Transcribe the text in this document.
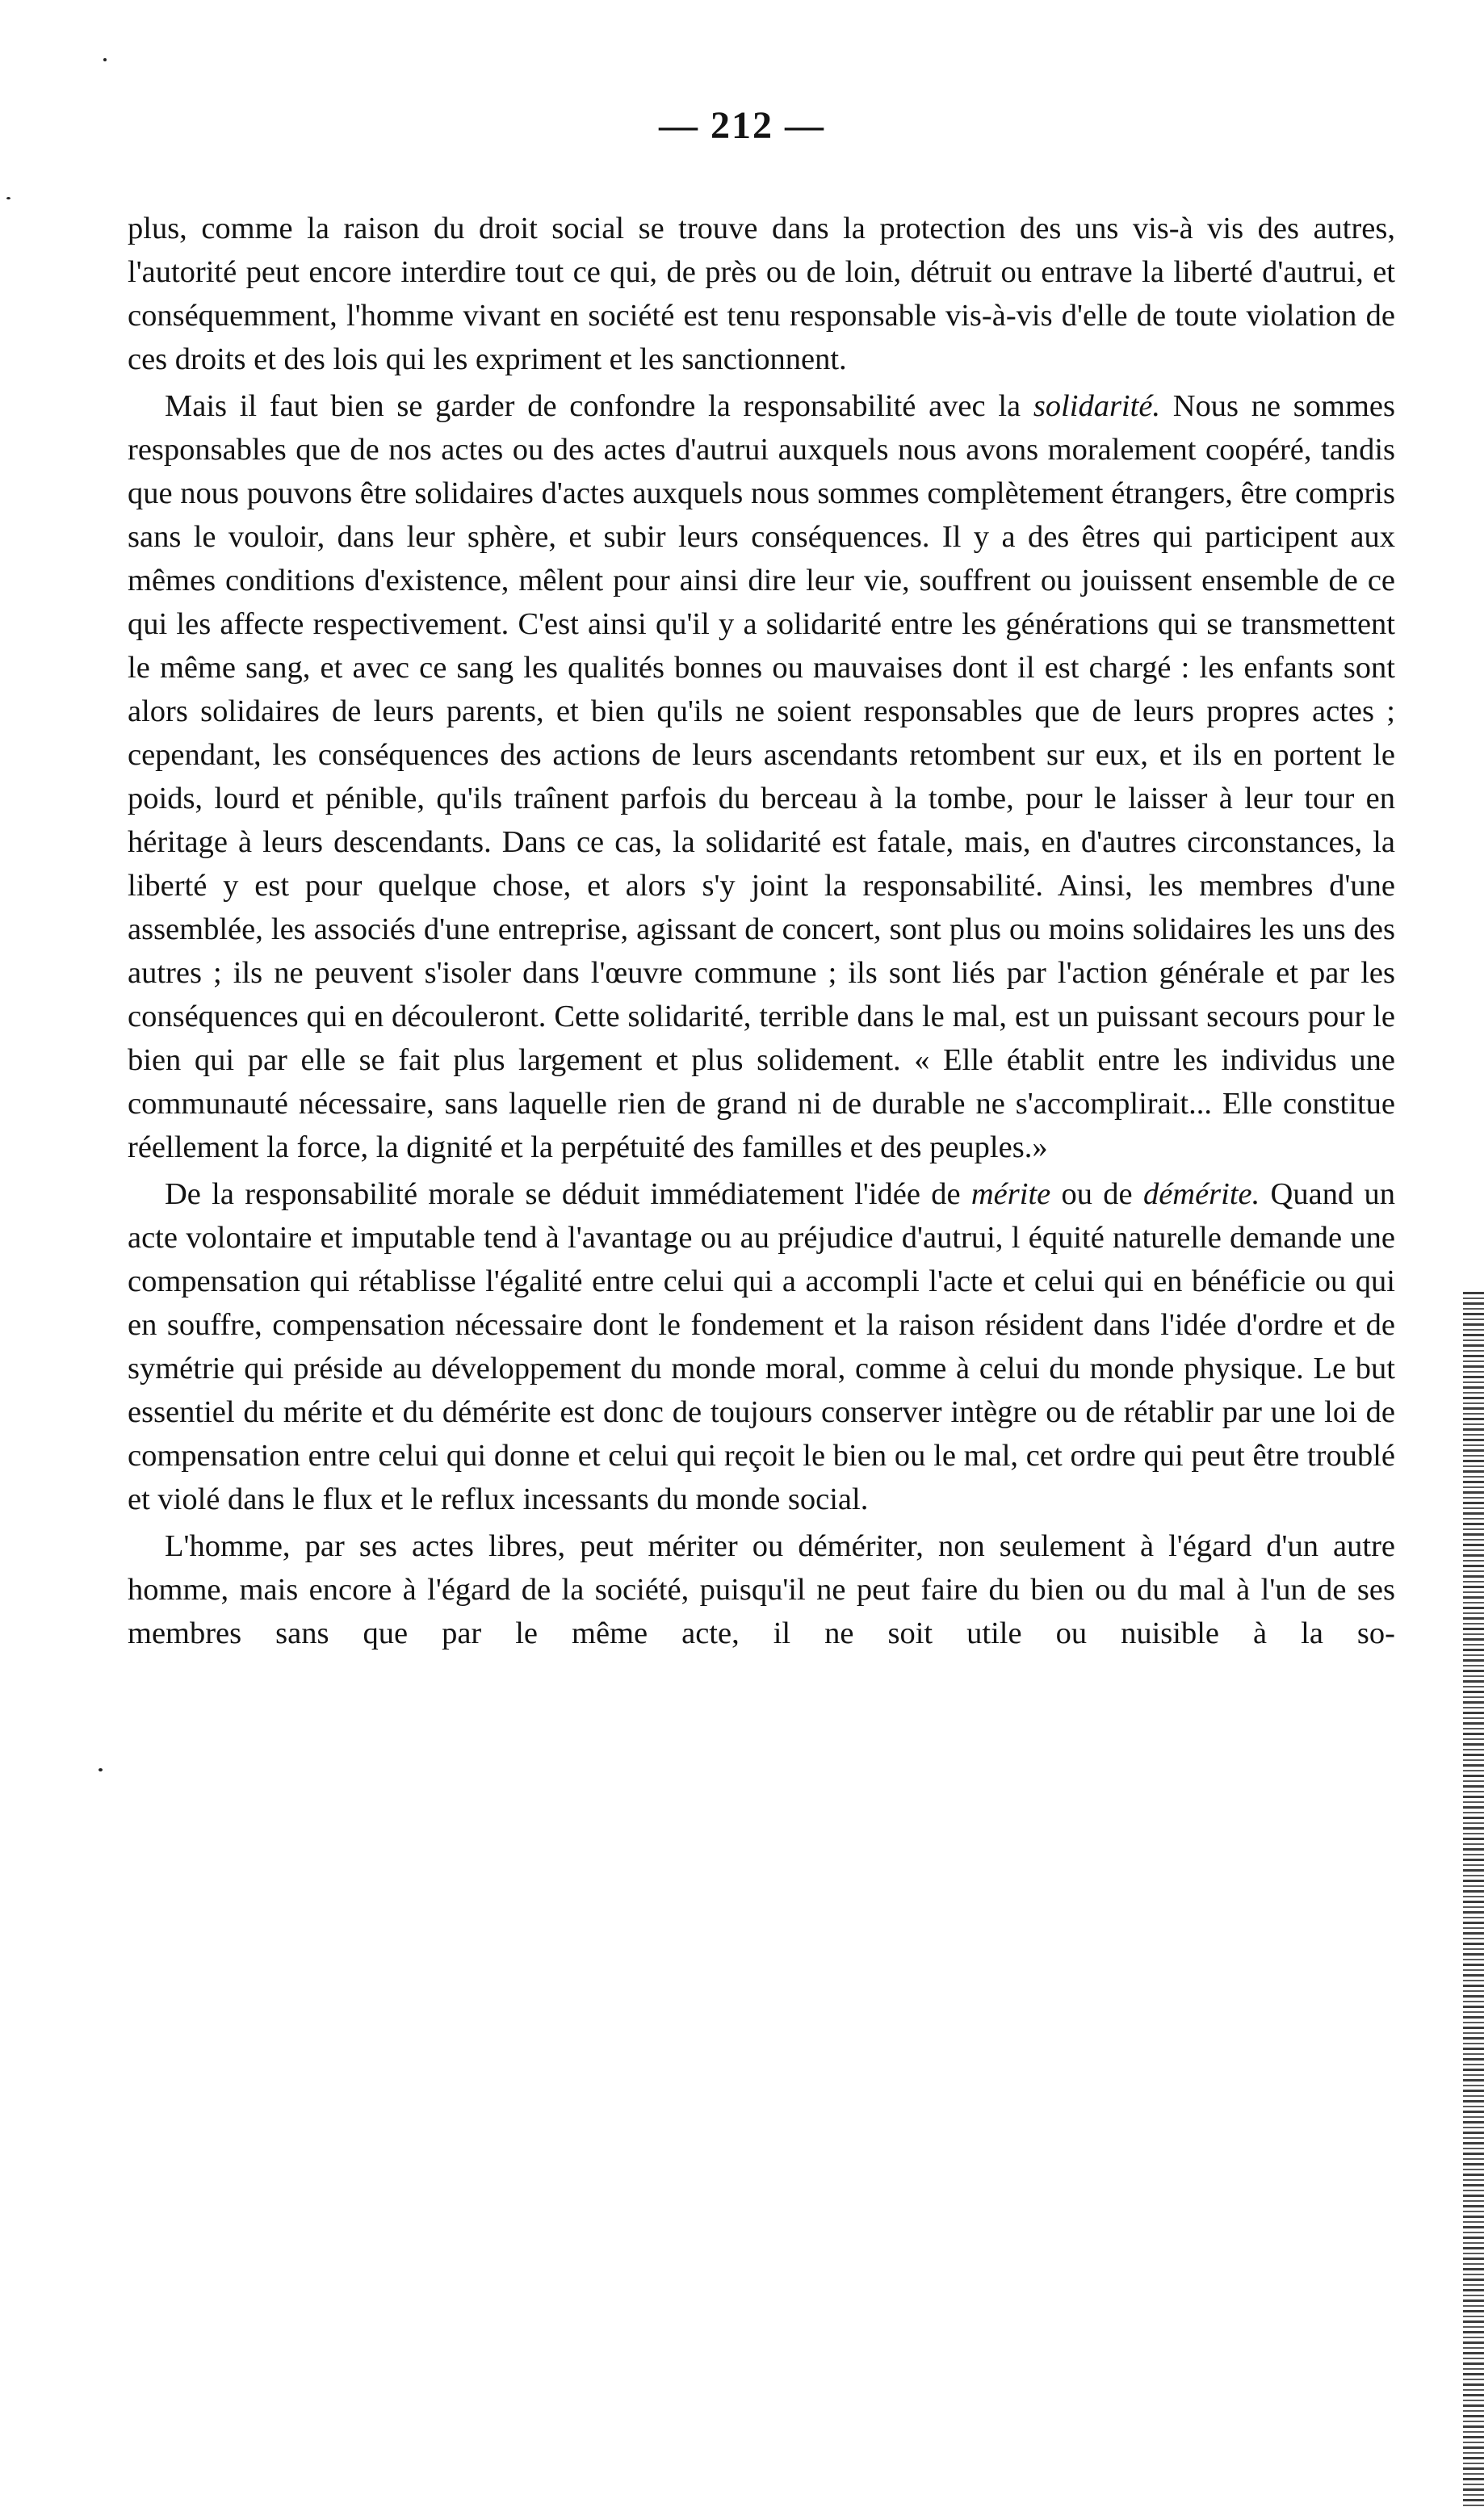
— 212 —

plus, comme la raison du droit social se trouve dans la protection des uns vis-à vis des autres, l'autorité peut encore interdire tout ce qui, de près ou de loin, détruit ou entrave la liberté d'autrui, et conséquemment, l'homme vivant en société est tenu responsable vis-à-vis d'elle de toute violation de ces droits et des lois qui les expriment et les sanctionnent.

Mais il faut bien se garder de confondre la responsabilité avec la solidarité. Nous ne sommes responsables que de nos actes ou des actes d'autrui auxquels nous avons moralement coopéré, tandis que nous pouvons être solidaires d'actes auxquels nous sommes complètement étrangers, être compris sans le vouloir, dans leur sphère, et subir leurs conséquences. Il y a des êtres qui participent aux mêmes conditions d'existence, mêlent pour ainsi dire leur vie, souffrent ou jouissent ensemble de ce qui les affecte respectivement. C'est ainsi qu'il y a solidarité entre les générations qui se transmettent le même sang, et avec ce sang les qualités bonnes ou mauvaises dont il est chargé : les enfants sont alors solidaires de leurs parents, et bien qu'ils ne soient responsables que de leurs propres actes ; cependant, les conséquences des actions de leurs ascendants retombent sur eux, et ils en portent le poids, lourd et pénible, qu'ils traînent parfois du berceau à la tombe, pour le laisser à leur tour en héritage à leurs descendants. Dans ce cas, la solidarité est fatale, mais, en d'autres circonstances, la liberté y est pour quelque chose, et alors s'y joint la responsabilité. Ainsi, les membres d'une assemblée, les associés d'une entreprise, agissant de concert, sont plus ou moins solidaires les uns des autres ; ils ne peuvent s'isoler dans l'œuvre commune ; ils sont liés par l'action générale et par les conséquences qui en découleront. Cette solidarité, terrible dans le mal, est un puissant secours pour le bien qui par elle se fait plus largement et plus solidement. « Elle établit entre les individus une communauté nécessaire, sans laquelle rien de grand ni de durable ne s'accomplirait... Elle constitue réellement la force, la dignité et la perpétuité des familles et des peuples.»

De la responsabilité morale se déduit immédiatement l'idée de mérite ou de démérite. Quand un acte volontaire et imputable tend à l'avantage ou au préjudice d'autrui, l équité naturelle demande une compensation qui rétablisse l'égalité entre celui qui a accompli l'acte et celui qui en bénéficie ou qui en souffre, compensation nécessaire dont le fondement et la raison résident dans l'idée d'ordre et de symétrie qui préside au développement du monde moral, comme à celui du monde physique. Le but essentiel du mérite et du démérite est donc de toujours conserver intègre ou de rétablir par une loi de compensation entre celui qui donne et celui qui reçoit le bien ou le mal, cet ordre qui peut être troublé et violé dans le flux et le reflux incessants du monde social.

L'homme, par ses actes libres, peut mériter ou démériter, non seulement à l'égard d'un autre homme, mais encore à l'égard de la société, puisqu'il ne peut faire du bien ou du mal à l'un de ses membres sans que par le même acte, il ne soit utile ou nuisible à la so-
